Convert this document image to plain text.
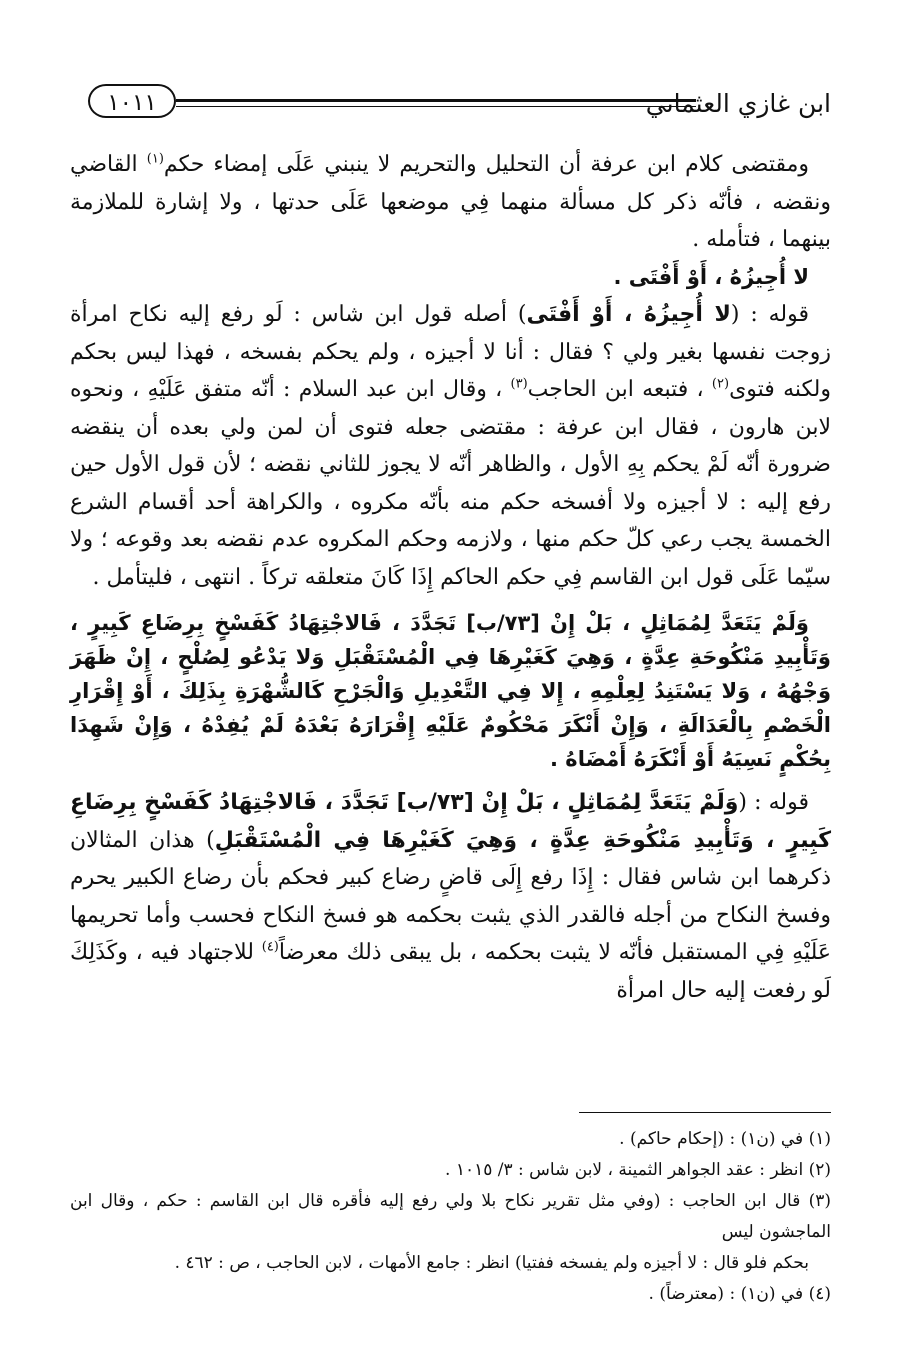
ابن غازي العثماني
١٠١١

ومقتضى كلام ابن عرفة أن التحليل والتحريم لا ينبني عَلَى إمضاء حكم$^{(١)}$ القاضي ونقضه ، فأنّه ذكر كل مسألة منهما فِي موضعها عَلَى حدتها ، ولا إشارة للملازمة بينهما ، فتأمله .

لا أُجِيزُهُ ، أَوْ أَفْتَى .

قوله : (لا أُجِيزُهُ ، أَوْ أَفْتَى) أصله قول ابن شاس : لَو رفع إليه نكاح امرأة زوجت نفسها بغير ولي ؟ فقال : أنا لا أجيزه ، ولم يحكم بفسخه ، فهذا ليس بحكم ولكنه فتوى$^{(٢)}$ ، فتبعه ابن الحاجب$^{(٣)}$ ، وقال ابن عبد السلام : أنّه متفق عَلَيْهِ ، ونحوه لابن هارون ، فقال ابن عرفة : مقتضى جعله فتوى أن لمن ولي بعده أن ينقضه ضرورة أنّه لَمْ يحكم بِهِ الأول ، والظاهر أنّه لا يجوز للثاني نقضه ؛ لأن قول الأول حين رفع إليه : لا أجيزه ولا أفسخه حكم منه بأنّه مكروه ، والكراهة أحد أقسام الشرع الخمسة يجب رعي كلّ حكم منها ، ولازمه وحكم المكروه عدم نقضه بعد وقوعه ؛ ولا سيّما عَلَى قول ابن القاسم فِي حكم الحاكم إِذَا كَانَ متعلقه تركاً . انتهى ، فليتأمل .

وَلَمْ يَتَعَدَّ لِمُمَاثِلٍ ، بَلْ إِنْ [٧٣/ب] تَجَدَّدَ ، فَالاجْتِهَادُ كَفَسْخٍ بِرِضَاعِ كَبِيرٍ ، وَتَأْبِيدِ مَنْكُوحَةِ عِدَّةٍ ، وَهِيَ كَغَيْرِهَا فِي الْمُسْتَقْبَلِ وَلا يَدْعُو لِصُلْحٍ ، إِنْ ظَهَرَ وَجْهُهُ ، وَلا يَسْتَنِدُ لِعِلْمِهِ ، إِلا فِي التَّعْدِيلِ وَالْجَرْحِ كَالشُّهْرَةِ بِذَلِكَ ، أَوْ إِقْرَارِ الْخَصْمِ بِالْعَدَالَةِ ، وَإِنْ أَنْكَرَ مَحْكُومٌ عَلَيْهِ إِقْرَارَهُ بَعْدَهُ لَمْ يُفِدْهُ ، وَإِنْ شَهِدَا بِحُكْمٍ نَسِيَهُ أَوْ أَنْكَرَهُ أَمْضَاهُ .

قوله : (وَلَمْ يَتَعَدَّ لِمُمَاثِلٍ ، بَلْ إِنْ [٧٣/ب] تَجَدَّدَ ، فَالاجْتِهَادُ كَفَسْخٍ بِرِضَاعِ كَبِيرٍ ، وَتَأْبِيدِ مَنْكُوحَةِ عِدَّةٍ ، وَهِيَ كَغَيْرِهَا فِي الْمُسْتَقْبَلِ) هذان المثالان ذكرهما ابن شاس فقال : إِذَا رفع إِلَى قاضٍ رضاع كبير فحكم بأن رضاع الكبير يحرم وفسخ النكاح من أجله فالقدر الذي يثبت بحكمه هو فسخ النكاح فحسب وأما تحريمها عَلَيْهِ فِي المستقبل فأنّه لا يثبت بحكمه ، بل يبقى ذلك معرضاً$^{(٤)}$ للاجتهاد فيه ، وكَذَلِكَ لَو رفعت إليه حال امرأة

(١) في (ن١) : (إحكام حاكم) .

(٢) انظر : عقد الجواهر الثمينة ، لابن شاس : ٣/ ١٠١٥ .

(٣) قال ابن الحاجب : (وفي مثل تقرير نكاح بلا ولي رفع إليه فأقره قال ابن القاسم : حكم ، وقال ابن الماجشون ليس

بحكم فلو قال : لا أجيزه ولم يفسخه ففتيا) انظر : جامع الأمهات ، لابن الحاجب ، ص : ٤٦٢ .

(٤) في (ن١) : (معترضاً) .
